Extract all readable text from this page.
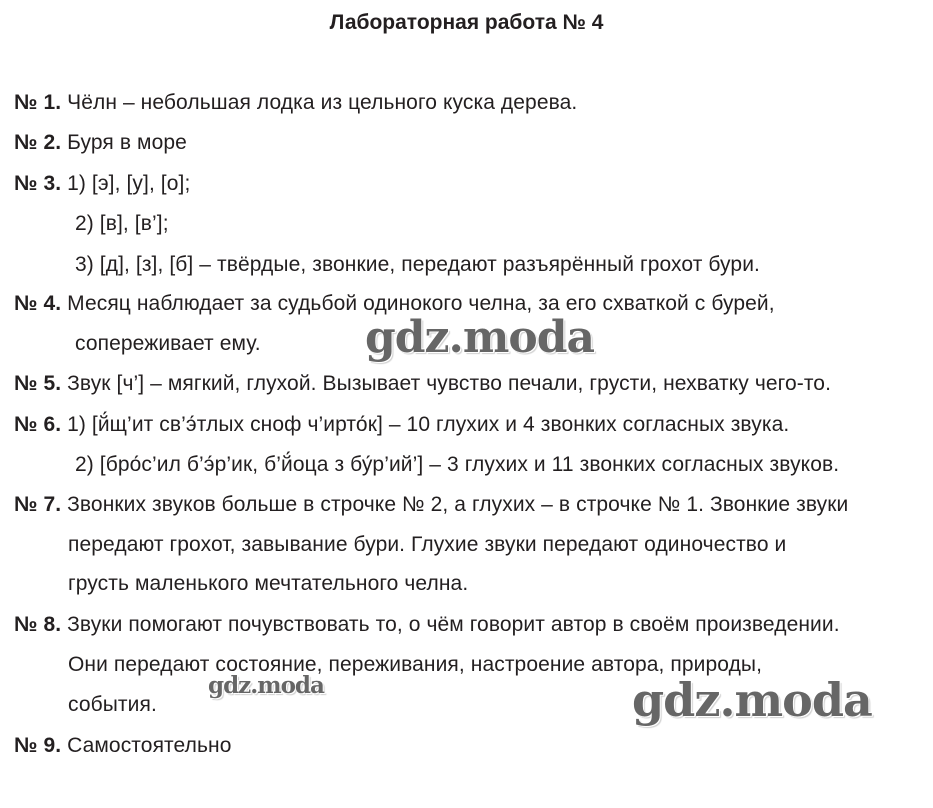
Лабораторная работа № 4
№ 1. Чёлн – небольшая лодка из цельного куска дерева.
№ 2. Буря в море
№ 3. 1) [э], [у], [о];
2) [в], [в’];
3) [д], [з], [б] – твёрдые, звонкие, передают разъярённый грохот бури.
№ 4. Месяц наблюдает за судьбой одинокого челна, за его схваткой с бурей,
сопереживает ему.
№ 5. Звук [ч’] – мягкий, глухой. Вызывает чувство печали, грусти, нехватку чего-то.
№ 6. 1) [й́щ’ит св’э́тлых снoф ч’ирто́к] – 10 глухих и 4 звонких согласных звука.
2) [бро́с’ил б’э́р’ик, б’й́оца з бу́р’ий’] – 3 глухих и 11 звонких согласных звуков.
№ 7. Звонких звуков больше в строчке № 2, а глухих – в строчке № 1. Звонкие звуки
передают грохот, завывание бури. Глухие звуки передают одиночество и
грусть маленького мечтательного челна.
№ 8. Звуки помогают почувствовать то, о чём говорит автор в своём произведении.
Они передают состояние, переживания, настроение автора, природы,
события.
№ 9. Самостоятельно
gdz.moda
gdz.moda	gdz.moda
